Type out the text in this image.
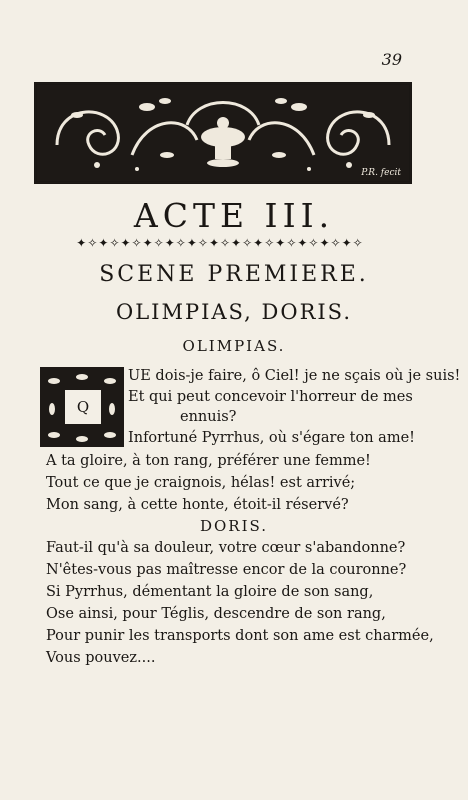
39
P.R. fecit
ACTE III.
✦✧✦✧✦✧✦✧✦✧✦✧✦✧✦✧✦✧✦✧✦✧✦✧✦✧
SCENE PREMIERE.
OLIMPIAS, DORIS.
OLIMPIAS.
Q
UE dois-je faire, ô Ciel! je ne sçais où je suis!
Et qui peut concevoir l'horreur de mes
ennuis?
Infortuné Pyrrhus, où s'égare ton ame!
A ta gloire, à ton rang, préférer une femme!
Tout ce que je craignois, hélas! est arrivé;
Mon sang, à cette honte, étoit-il réservé?
DORIS.
Faut-il qu'à sa douleur, votre cœur s'abandonne?
N'êtes-vous pas maîtresse encor de la couronne?
Si Pyrrhus, démentant la gloire de son sang,
Ose ainsi, pour Téglis, descendre de son rang,
Pour punir les transports dont son ame est charmée,
Vous pouvez....
